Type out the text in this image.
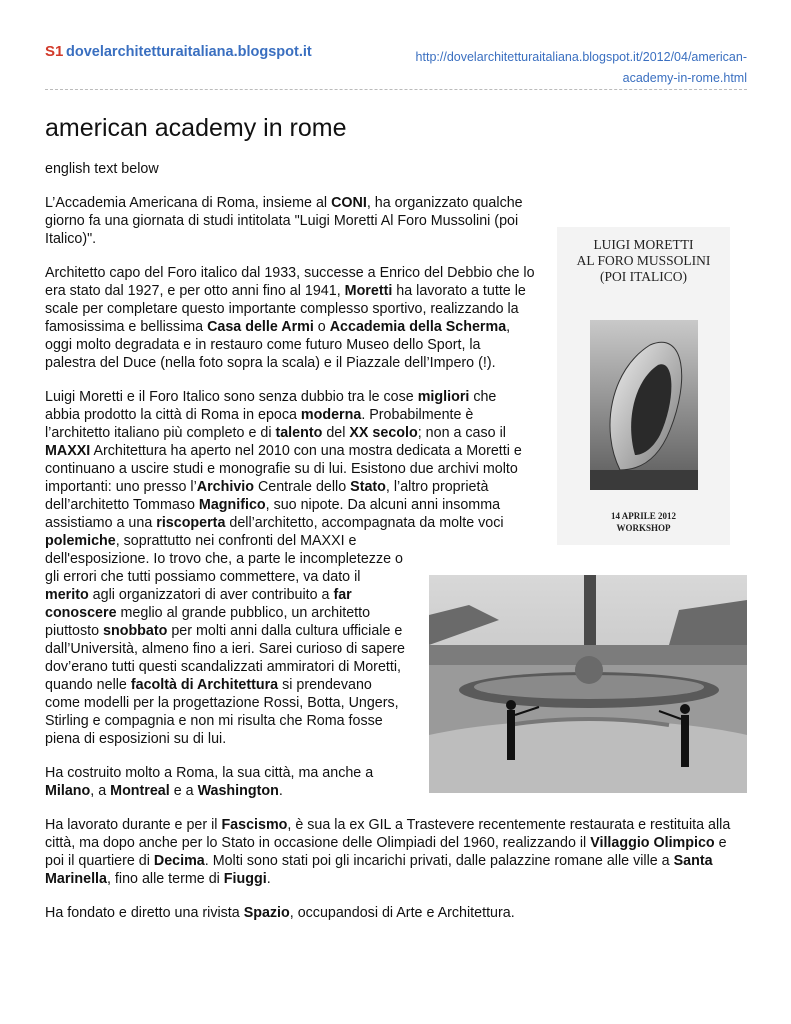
S1 dovelarchitetturaitaliana.blogspot.it	http://dovelarchitetturaitaliana.blogspot.it/2012/04/american-
academy-in-rome.html
american academy in rome

english text below

LUIGI MORETTI
AL FORO MUSSOLINI
(POI ITALICO)
14 APRILE 2012
WORKSHOP

L’Accademia Americana di Roma, insieme al CONI, ha organizzato qualche giorno fa una giornata di studi intitolata "Luigi Moretti Al Foro Mussolini (poi Italico)".

Architetto capo del Foro italico dal 1933, successe a Enrico del Debbio che lo era stato dal 1927, e per otto anni fino al 1941, Moretti ha lavorato a tutte le scale per completare questo importante complesso sportivo, realizzando la famosissima e bellissima Casa delle Armi o Accademia della Scherma, oggi molto degradata e in restauro come futuro Museo dello Sport, la palestra del Duce (nella foto sopra la scala) e il Piazzale dell’Impero (!).

Luigi Moretti e il Foro Italico sono senza dubbio tra le cose migliori che abbia prodotto la città di Roma in epoca moderna. Probabilmente è l’architetto italiano più completo e di talento del XX secolo; non a caso il MAXXI Architettura ha aperto nel 2010 con una mostra dedicata a Moretti e continuano a uscire studi e monografie su di lui. Esistono due archivi molto importanti: uno presso l’Archivio Centrale dello Stato, l’altro proprietà dell’architetto Tommaso Magnifico, suo nipote. Da alcuni anni insomma assistiamo a una riscoperta dell’architetto, accompagnata da molte voci polemiche, soprattutto nei confronti del MAXXI e dell'esposizione. Io trovo che, a parte le incompletezze o gli errori che tutti possiamo commettere, va dato il merito agli organizzatori di aver contribuito a far conoscere meglio al grande pubblico, un architetto piuttosto snobbato per molti anni dalla cultura ufficiale e dall’Università, almeno fino a ieri. Sarei curioso di sapere dov’erano tutti questi scandalizzati ammiratori di Moretti, quando nelle facoltà di Architettura si prendevano come modelli per la progettazione Rossi, Botta, Ungers, Stirling e compagnia e non mi risulta che Roma fosse piena di esposizioni su di lui.

Ha costruito molto a Roma, la sua città, ma anche a Milano, a Montreal e a Washington.

Ha lavorato durante e per il Fascismo, è sua la ex GIL a Trastevere recentemente restaurata e restituita alla città, ma dopo anche per lo Stato in occasione delle Olimpiadi del 1960, realizzando il Villaggio Olimpico e poi il quartiere di Decima. Molti sono stati poi gli incarichi privati, dalle palazzine romane alle ville a Santa Marinella, fino alle terme di Fiuggi.

Ha fondato e diretto una rivista Spazio, occupandosi di Arte e Architettura.
